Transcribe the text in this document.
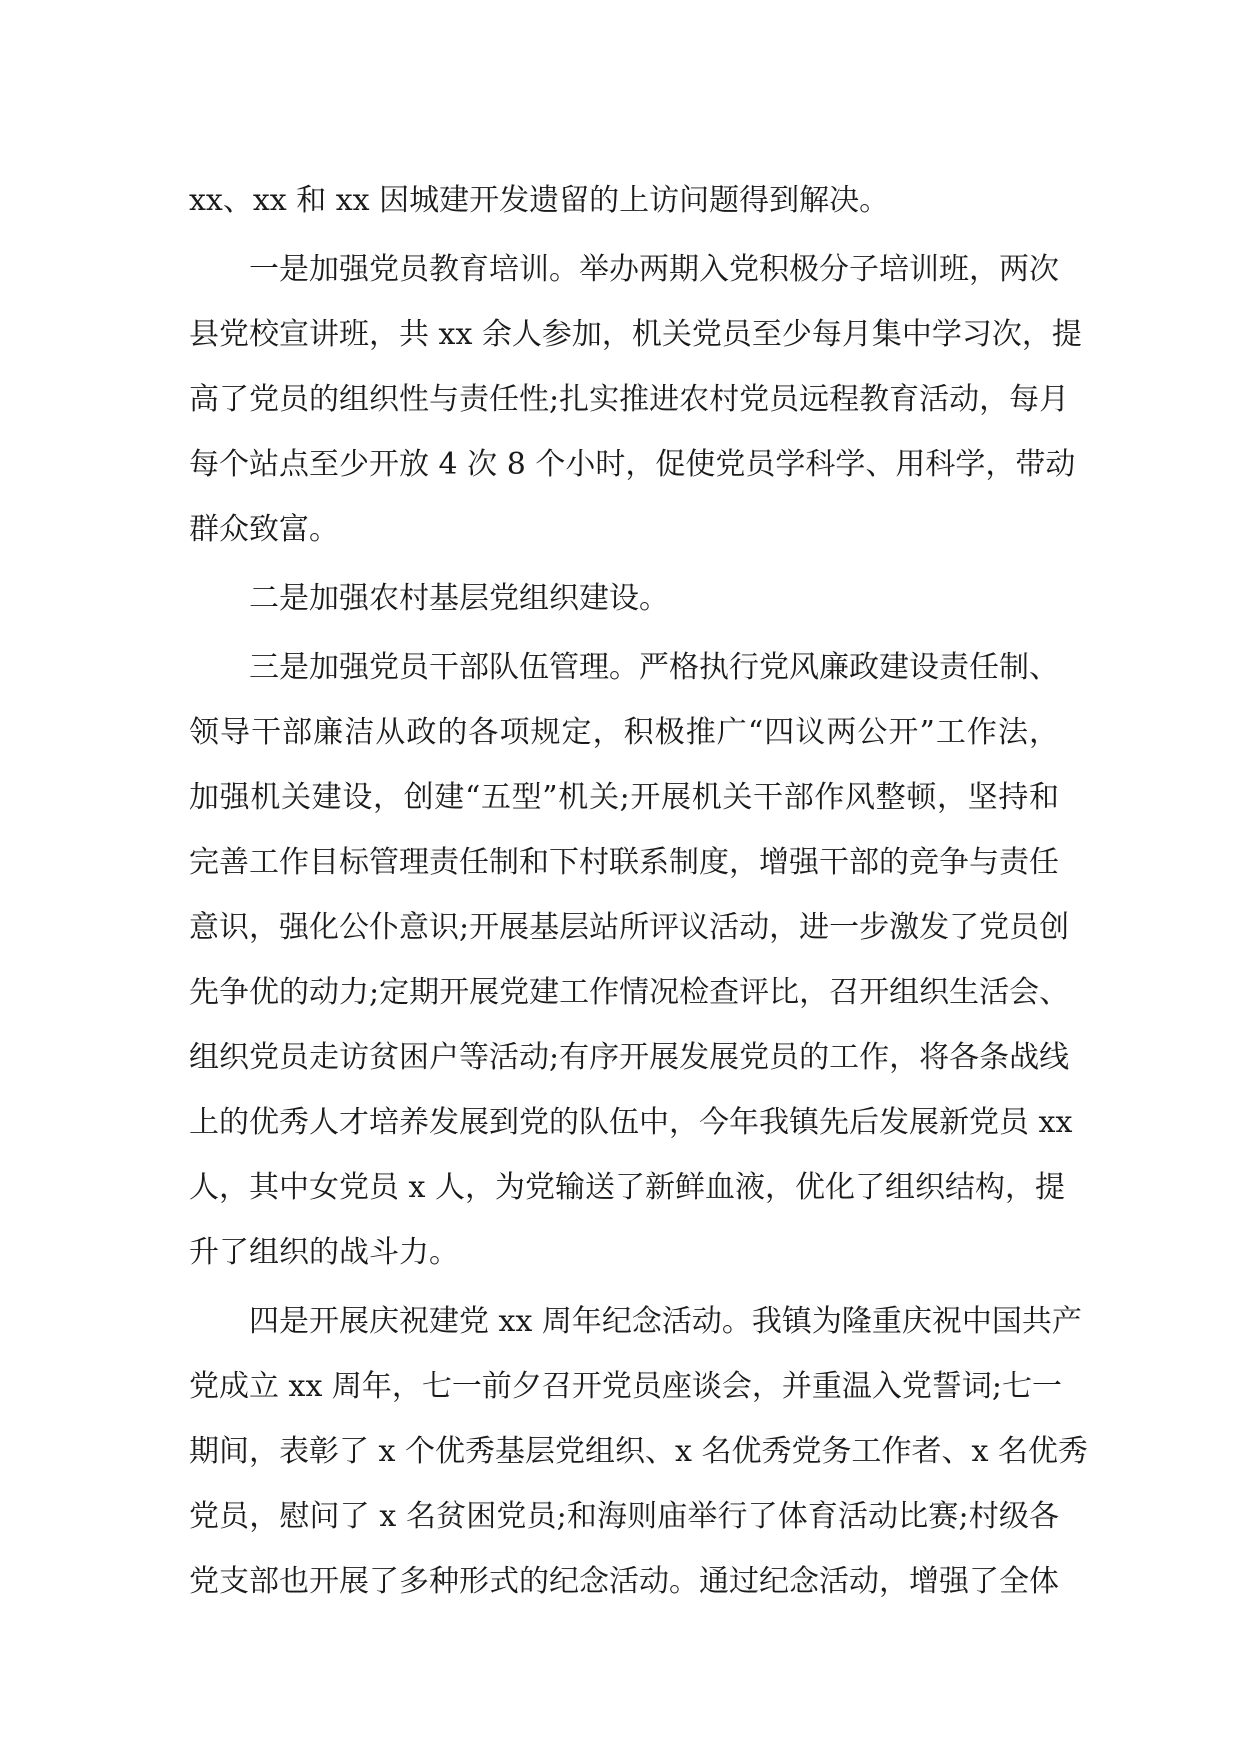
xx、xx 和 xx 因城建开发遗留的上访问题得到解决。

一是加强党员教育培训。举办两期入党积极分子培训班，两次
县党校宣讲班，共 xx 余人参加，机关党员至少每月集中学习次，提
高了党员的组织性与责任性;扎实推进农村党员远程教育活动，每月
每个站点至少开放 4 次 8 个小时，促使党员学科学、用科学，带动
群众致富。

二是加强农村基层党组织建设。

三是加强党员干部队伍管理。严格执行党风廉政建设责任制、
领导干部廉洁从政的各项规定，积极推广“四议两公开”工作法，
加强机关建设，创建“五型”机关;开展机关干部作风整顿，坚持和
完善工作目标管理责任制和下村联系制度，增强干部的竞争与责任
意识，强化公仆意识;开展基层站所评议活动，进一步激发了党员创
先争优的动力;定期开展党建工作情况检查评比，召开组织生活会、
组织党员走访贫困户等活动;有序开展发展党员的工作，将各条战线
上的优秀人才培养发展到党的队伍中，今年我镇先后发展新党员 xx
人，其中女党员 x 人，为党输送了新鲜血液，优化了组织结构，提
升了组织的战斗力。

四是开展庆祝建党 xx 周年纪念活动。我镇为隆重庆祝中国共产
党成立 xx 周年，七一前夕召开党员座谈会，并重温入党誓词;七一
期间，表彰了 x 个优秀基层党组织、x 名优秀党务工作者、x 名优秀
党员，慰问了 x 名贫困党员;和海则庙举行了体育活动比赛;村级各
党支部也开展了多种形式的纪念活动。通过纪念活动，增强了全体
